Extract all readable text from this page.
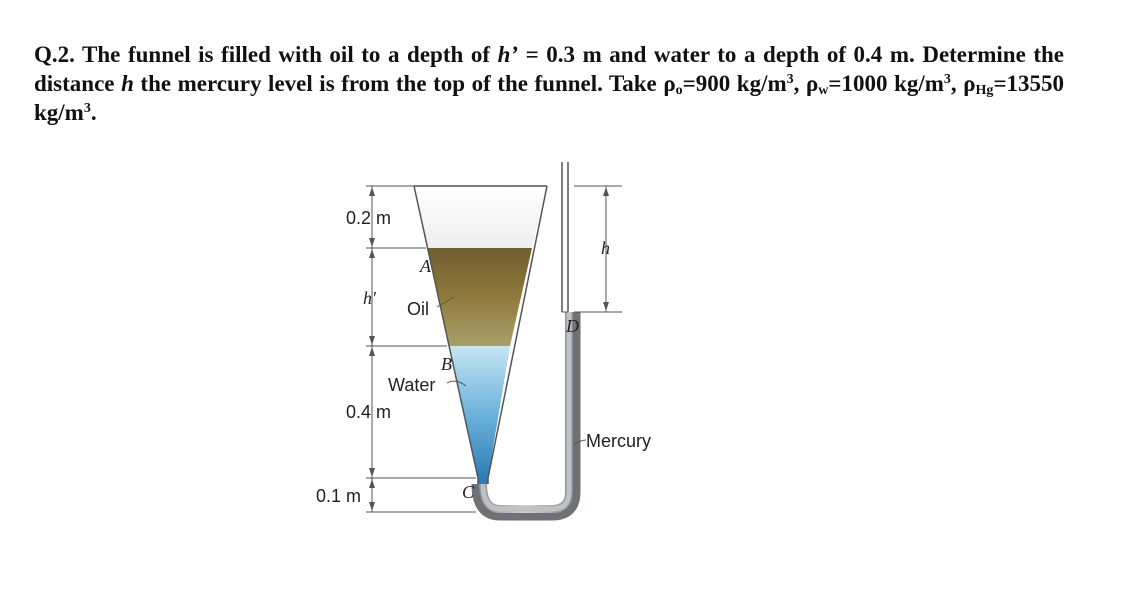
Q.2. The funnel is filled with oil to a depth of h’ = 0.3 m and water to a depth of 0.4 m. Determine the distance h the mercury level is from the top of the funnel. Take $\rho_o=900$ $kg/m^3$, $\rho_w=1000$ $kg/m^3$, $\rho_{Hg}=13550$ $kg/m^3$.
0.2 m
h′
0.4 m
0.1 m
A
B
C
D
h
Oil
Water
Mercury
